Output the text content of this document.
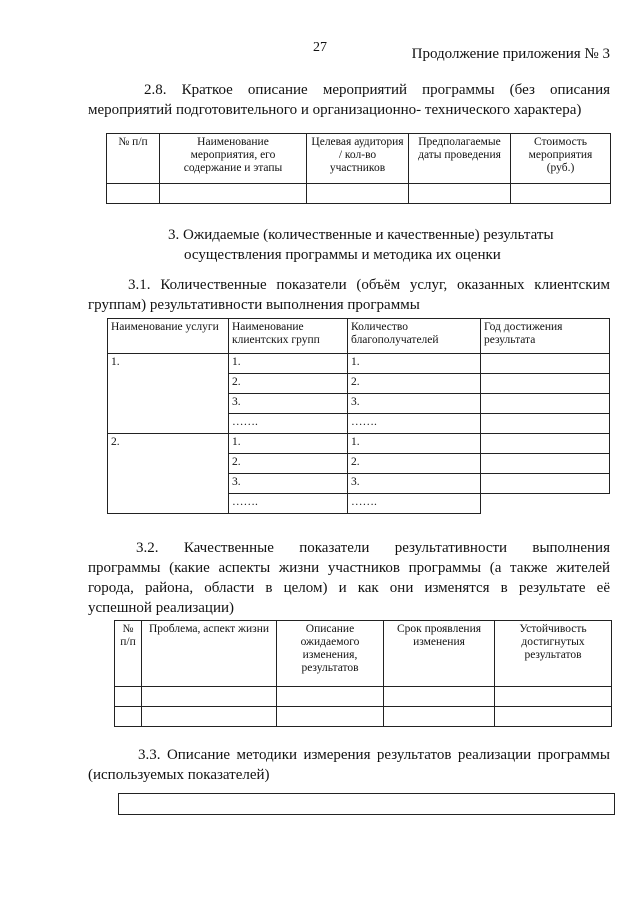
27	Продолжение приложения № 3
2.8. Краткое описание мероприятий программы (без описания
мероприятий подготовительного и организационно- технического характера)
№ п/п	Наименование мероприятия, его содержание и этапы	Целевая аудитория / кол-во участников	Предполагаемые даты проведения	Стоимость мероприятия (руб.)

3. Ожидаемые (количественные и качественные) результаты
осуществления программы и методика их оценки
3.1. Количественные показатели (объём услуг, оказанных клиентским
группам) результативности выполнения программы
Наименование услуги	Наименование клиентских групп	Количество благополучателей	Год достижения результата
1.	1.	1.	
	2.	2.	
	3.	3.	
	…….	…….	
2.	1.	1.	
	2.	2.	
	3.	3.	
	…….	…….	
3.2. Качественные показатели результативности выполнения
программы (какие аспекты жизни участников программы (а также жителей
города, района, области в целом) и как они изменятся в результате её
успешной реализации)
№ п/п	Проблема, аспект жизни	Описание ожидаемого изменения, результатов	Срок проявления изменения	Устойчивость достигнутых результатов

3.3. Описание методики измерения результатов реализации программы
(используемых показателей)
